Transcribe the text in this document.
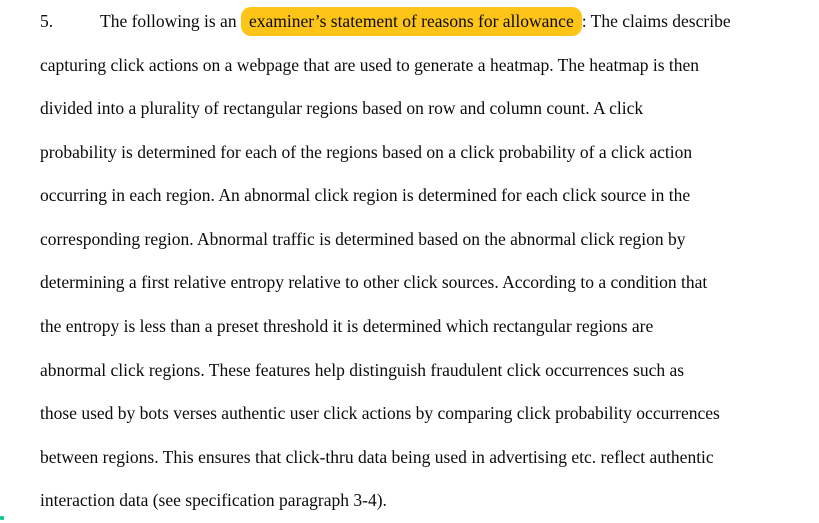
5.	The following is an examiner’s statement of reasons for allowance : The claims describe
capturing click actions on a webpage that are used to generate a heatmap. The heatmap is then
divided into a plurality of rectangular regions based on row and column count. A click
probability is determined for each of the regions based on a click probability of a click action
occurring in each region. An abnormal click region is determined for each click source in the
corresponding region. Abnormal traffic is determined based on the abnormal click region by
determining a first relative entropy relative to other click sources. According to a condition that
the entropy is less than a preset threshold it is determined which rectangular regions are
abnormal click regions. These features help distinguish fraudulent click occurrences such as
those used by bots verses authentic user click actions by comparing click probability occurrences
between regions. This ensures that click-thru data being used in advertising etc. reflect authentic
interaction data (see specification paragraph 3-4).
